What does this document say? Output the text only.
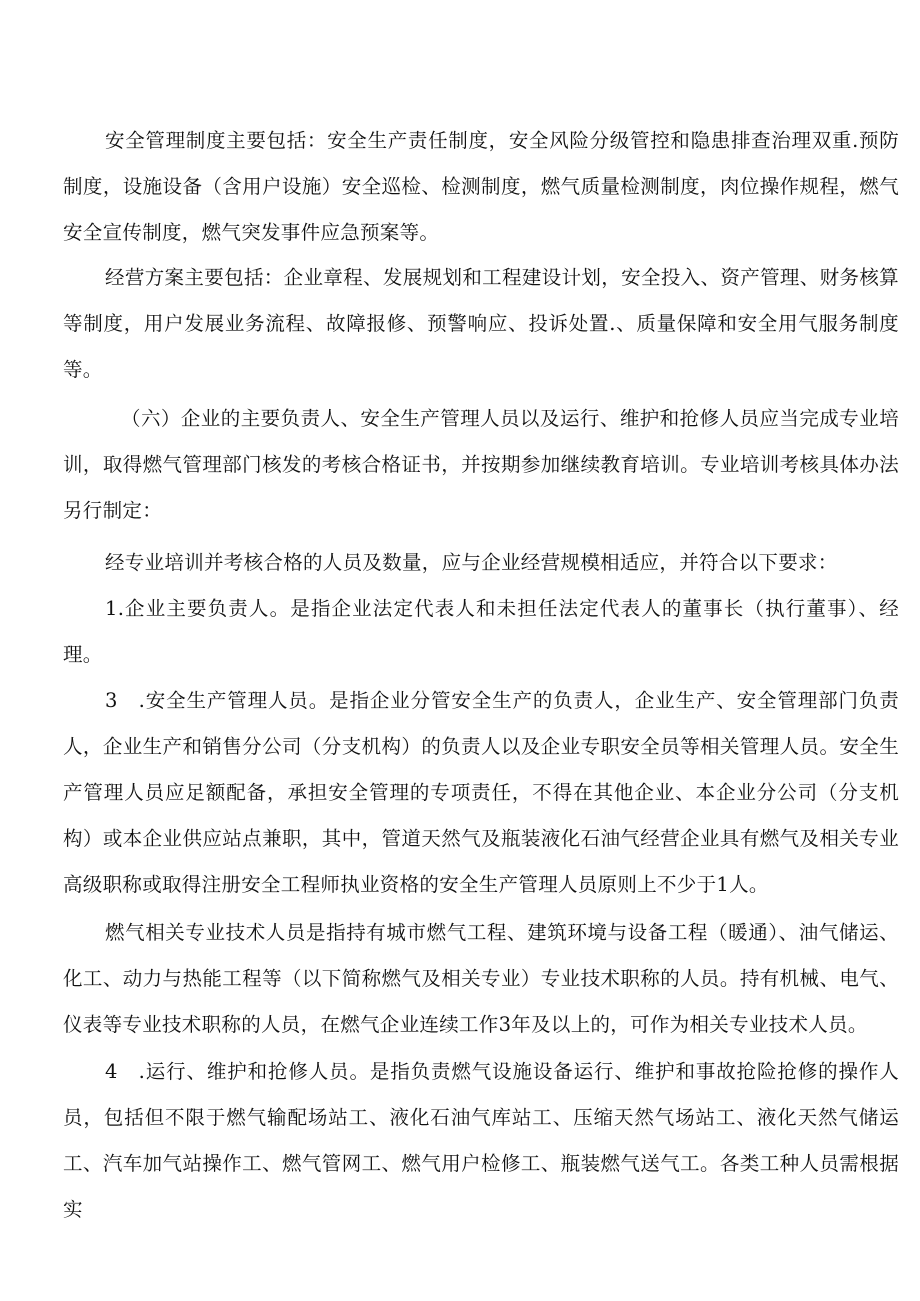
安全管理制度主要包括：安全生产责任制度，安全风险分级管控和隐患排查治理双重.预防制度，设施设备（含用户设施）安全巡检、检测制度，燃气质量检测制度，肉位操作规程，燃气安全宣传制度，燃气突发事件应急预案等。

经营方案主要包括：企业章程、发展规划和工程建设计划，安全投入、资产管理、财务核算等制度，用户发展业务流程、故障报修、预警响应、投诉处置.、质量保障和安全用气服务制度等。

（六）企业的主要负责人、安全生产管理人员以及运行、维护和抢修人员应当完成专业培训，取得燃气管理部门核发的考核合格证书，并按期参加继续教育培训。专业培训考核具体办法另行制定：

经专业培训并考核合格的人员及数量，应与企业经营规模相适应，并符合以下要求：

1.企业主要负责人。是指企业法定代表人和未担任法定代表人的董事长（执行董事）、经理。

3　.安全生产管理人员。是指企业分管安全生产的负责人，企业生产、安全管理部门负责人，企业生产和销售分公司（分支机构）的负责人以及企业专职安全员等相关管理人员。安全生产管理人员应足额配备，承担安全管理的专项责任，不得在其他企业、本企业分公司（分支机构）或本企业供应站点兼职，其中，管道天然气及瓶装液化石油气经营企业具有燃气及相关专业高级职称或取得注册安全工程师执业资格的安全生产管理人员原则上不少于1人。

燃气相关专业技术人员是指持有城市燃气工程、建筑环境与设备工程（暖通）、油气储运、化工、动力与热能工程等（以下简称燃气及相关专业）专业技术职称的人员。持有机械、电气、仪表等专业技术职称的人员，在燃气企业连续工作3年及以上的，可作为相关专业技术人员。

4　.运行、维护和抢修人员。是指负责燃气设施设备运行、维护和事故抢险抢修的操作人员，包括但不限于燃气输配场站工、液化石油气库站工、压缩天然气场站工、液化天然气储运工、汽车加气站操作工、燃气管网工、燃气用户检修工、瓶装燃气送气工。各类工种人员需根据实
